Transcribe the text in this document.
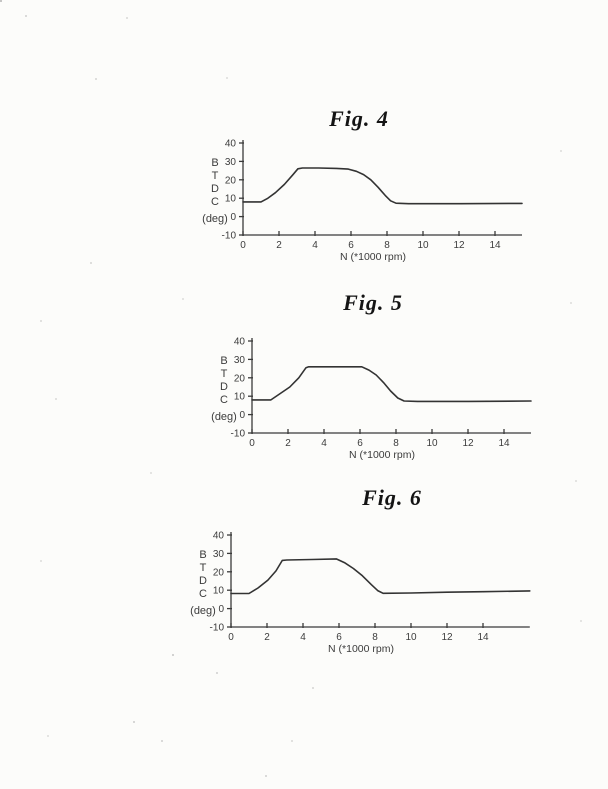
Fig. 4
40
30
20
10
0
-10
0	2	4	6	8	10 12 14
B
T
D
C
(deg)
N (*1000 rpm)
Fig. 5
40
30
20
10
0
-10
0	2	4	6	8	10 12 14
B
T
D
C
(deg)
N (*1000 rpm)
Fig. 6
40
30
20
10
0
-10
0	2	4	6	8	10 12 14
B
T
D
C
(deg)
N (*1000 rpm)
